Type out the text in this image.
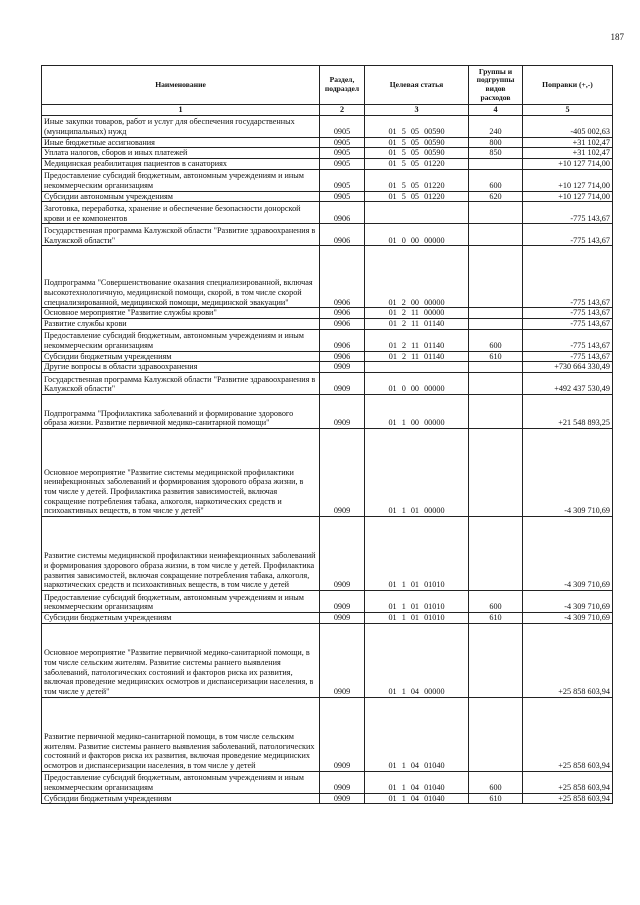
187
Наименование	Раздел, подраздел	Целевая статья	Группы и подгруппы видов расходов	Поправки (+,-)
1	2	3	4	5
Иные закупки товаров, работ и услуг для обеспечения государственных (муниципальных) нужд	0905	01 5 05 00590	240	-405 002,63
Иные бюджетные ассигнования	0905	01 5 05 00590	800	+31 102,47
Уплата налогов, сборов и иных платежей	0905	01 5 05 00590	850	+31 102,47
Медицинская реабилитация пациентов в санаториях	0905	01 5 05 01220		+10 127 714,00
Предоставление субсидий бюджетным, автономным учреждениям и иным некоммерческим организациям	0905	01 5 05 01220	600	+10 127 714,00
Субсидии автономным учреждениям	0905	01 5 05 01220	620	+10 127 714,00
Заготовка, переработка, хранение и обеспечение безопасности донорской крови и ее компонентов	0906			-775 143,67
Государственная программа Калужской области "Развитие здравоохранения в Калужской области"	0906	01 0 00 00000		-775 143,67
Подпрограмма "Совершенствование оказания специализированной, включая высокотехнологичную, медицинской помощи, скорой, в том числе скорой специализированной, медицинской помощи, медицинской эвакуации"	0906	01 2 00 00000		-775 143,67
Основное мероприятие "Развитие службы крови"	0906	01 2 11 00000		-775 143,67
Развитие службы крови	0906	01 2 11 01140		-775 143,67
Предоставление субсидий бюджетным, автономным учреждениям и иным некоммерческим организациям	0906	01 2 11 01140	600	-775 143,67
Субсидии бюджетным учреждениям	0906	01 2 11 01140	610	-775 143,67
Другие вопросы в области здравоохранения	0909			+730 664 330,49
Государственная программа Калужской области "Развитие здравоохранения в Калужской области"	0909	01 0 00 00000		+492 437 530,49
Подпрограмма "Профилактика заболеваний и формирование здорового образа жизни. Развитие первичной медико-санитарной помощи"	0909	01 1 00 00000		+21 548 893,25
Основное мероприятие "Развитие системы медицинской профилактики неинфекционных заболеваний и формирования здорового образа жизни, в том числе у детей. Профилактика развития зависимостей, включая сокращение потребления табака, алкоголя, наркотических средств и психоактивных веществ, в том числе у детей"	0909	01 1 01 00000		-4 309 710,69
Развитие системы медицинской профилактики неинфекционных заболеваний и формирования здорового образа жизни, в том числе у детей. Профилактика развития зависимостей, включая сокращение потребления табака, алкоголя, наркотических средств и психоактивных веществ, в том числе у детей	0909	01 1 01 01010		-4 309 710,69
Предоставление субсидий бюджетным, автономным учреждениям и иным некоммерческим организациям	0909	01 1 01 01010	600	-4 309 710,69
Субсидии бюджетным учреждениям	0909	01 1 01 01010	610	-4 309 710,69
Основное мероприятие "Развитие первичной медико-санитарной помощи, в том числе сельским жителям. Развитие системы раннего выявления заболеваний, патологических состояний и факторов риска их развития, включая проведение медицинских осмотров и диспансеризации населения, в том числе у детей"	0909	01 1 04 00000		+25 858 603,94
Развитие первичной медико-санитарной помощи, в том числе сельским жителям. Развитие системы раннего выявления заболеваний, патологических состояний и факторов риска их развития, включая проведение медицинских осмотров и диспансеризации населения, в том числе у детей	0909	01 1 04 01040		+25 858 603,94
Предоставление субсидий бюджетным, автономным учреждениям и иным некоммерческим организациям	0909	01 1 04 01040	600	+25 858 603,94
Субсидии бюджетным учреждениям	0909	01 1 04 01040	610	+25 858 603,94
